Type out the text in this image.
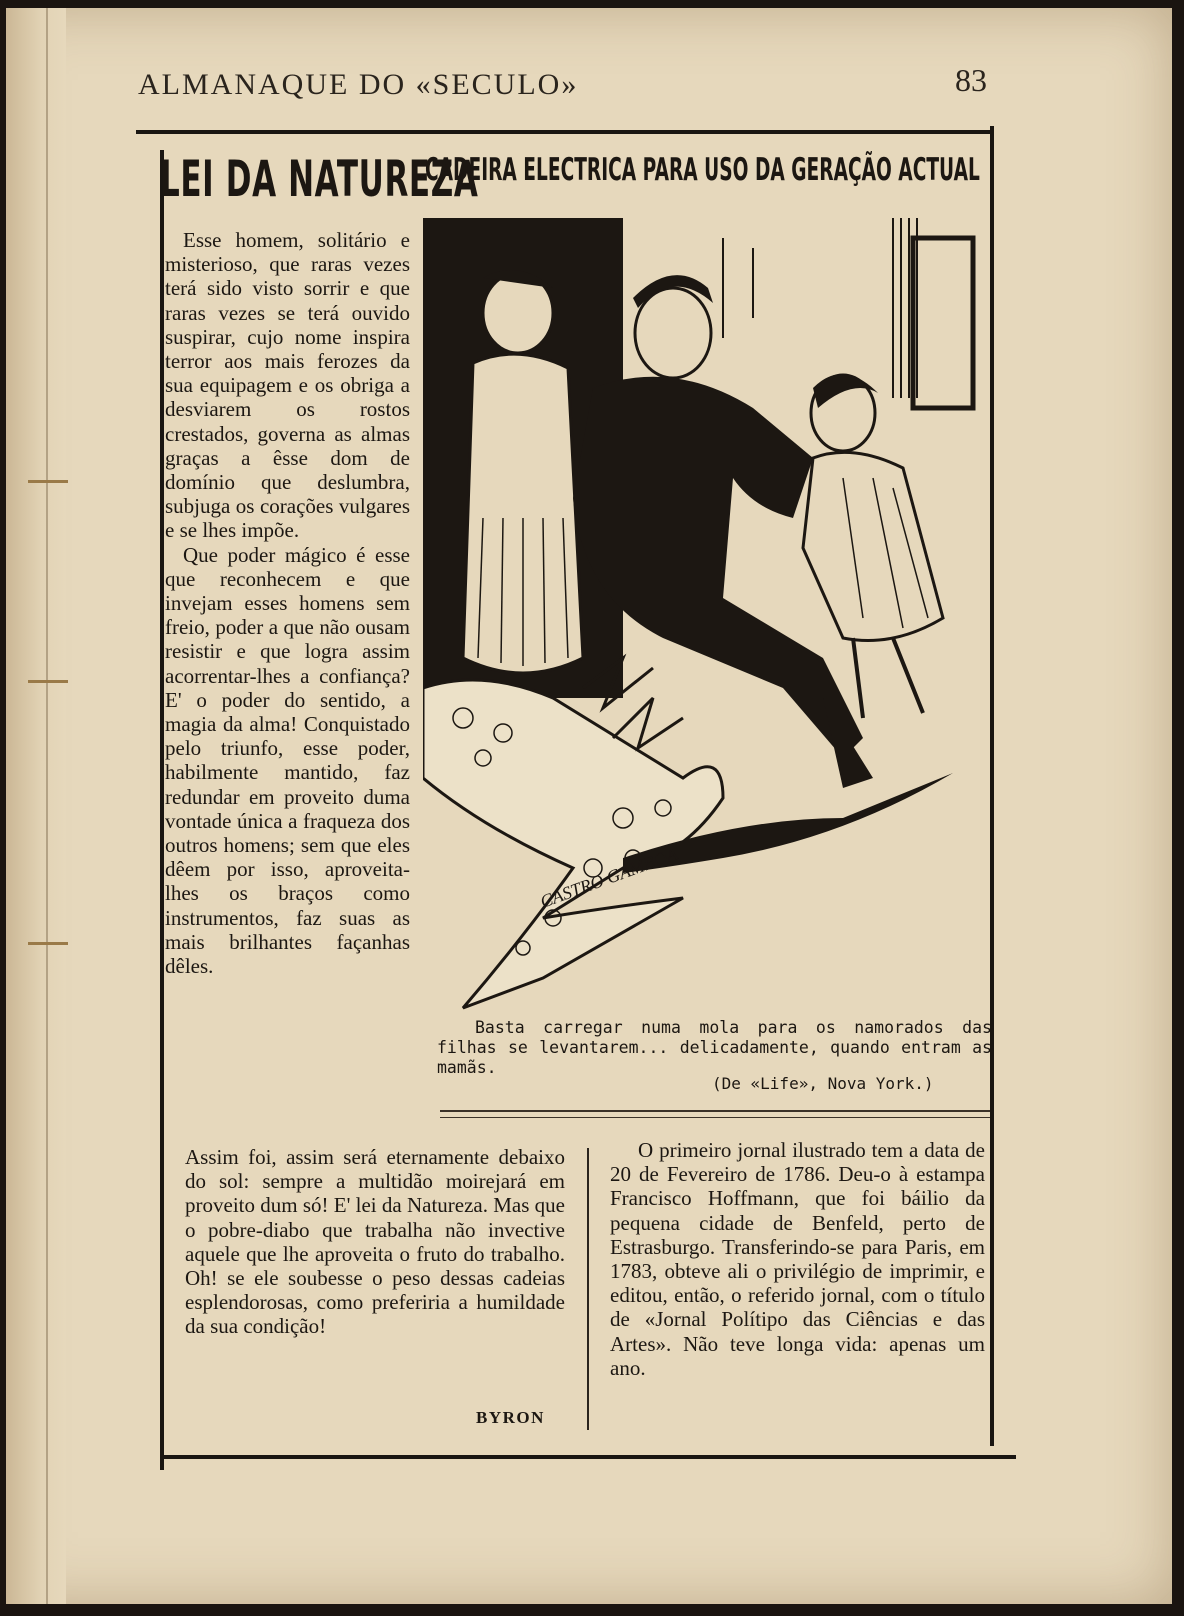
ALMANAQUE DO «SECULO»	83
LEI DA NATUREZA
CADEIRA ELECTRICA PARA USO DA GERAÇÃO ACTUAL

Esse homem, solitário e misterioso, que raras vezes terá sido visto sorrir e que raras vezes se terá ouvido suspirar, cujo nome inspira terror aos mais ferozes da sua equipagem e os obriga a desviarem os rostos crestados, governa as almas graças a êsse dom de domínio que deslumbra, subjuga os corações vulgares e se lhes impõe.

Que poder mágico é esse que reconhecem e que invejam esses homens sem freio, poder a que não ousam resistir e que logra assim acorrentar-lhes a confiança? E' o poder do sentido, a magia da alma! Conquistado pelo triunfo, esse poder, habilmente mantido, faz redundar em proveito duma vontade única a fraqueza dos outros homens; sem que eles dêem por isso, aproveita-lhes os braços como instrumentos, faz suas as mais brilhantes façanhas dêles.

CASTRO GAMBOA

Basta carregar numa mola para os namorados das filhas se levantarem... delicadamente, quando entram as mamãs.

(De «Life», Nova York.)

Assim foi, assim será eternamente debaixo do sol: sempre a multidão moirejará em proveito dum só! E' lei da Natureza. Mas que o pobre-diabo que trabalha não invective aquele que lhe aproveita o fruto do trabalho. Oh! se ele soubesse o peso dessas cadeias esplendorosas, como preferiria a humildade da sua condição!

BYRON

O primeiro jornal ilustrado tem a data de 20 de Fevereiro de 1786. Deu-o à estampa Francisco Hoffmann, que foi báilio da pequena cidade de Benfeld, perto de Estrasburgo. Transferindo-se para Paris, em 1783, obteve ali o privilégio de imprimir, e editou, então, o referido jornal, com o título de «Jornal Polítipo das Ciências e das Artes». Não teve longa vida: apenas um ano.
